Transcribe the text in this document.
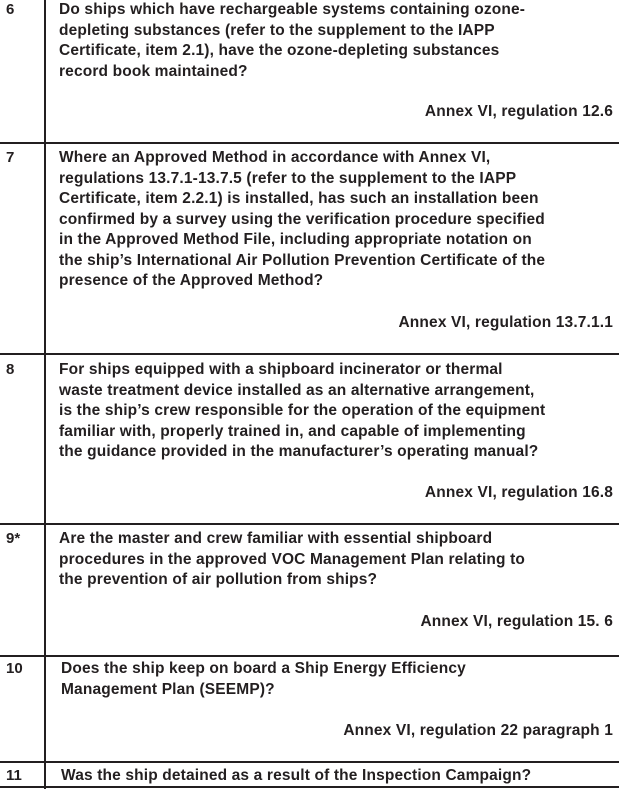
6	Do ships which have rechargeable systems containing ozone-
depleting substances (refer to the supplement to the IAPP
Certificate, item 2.1), have the ozone-depleting substances
record book maintained?
Annex VI, regulation 12.6
7	Where an Approved Method in accordance with Annex VI,
regulations 13.7.1-13.7.5 (refer to the supplement to the IAPP
Certificate, item 2.2.1) is installed, has such an installation been
confirmed by a survey using the verification procedure specified
in the Approved Method File, including appropriate notation on
the ship’s International Air Pollution Prevention Certificate of the
presence of the Approved Method?
Annex VI, regulation 13.7.1.1
8	For ships equipped with a shipboard incinerator or thermal
waste treatment device installed as an alternative arrangement,
is the ship’s crew responsible for the operation of the equipment
familiar with, properly trained in, and capable of implementing
the guidance provided in the manufacturer’s operating manual?
Annex VI, regulation 16.8
9*	Are the master and crew familiar with essential shipboard
procedures in the approved VOC Management Plan relating to
the prevention of air pollution from ships?
Annex VI, regulation 15. 6
10 Does the ship keep on board a Ship Energy Efficiency
Management Plan (SEEMP)?
Annex VI, regulation 22 paragraph 1
11	Was the ship detained as a result of the Inspection Campaign?
